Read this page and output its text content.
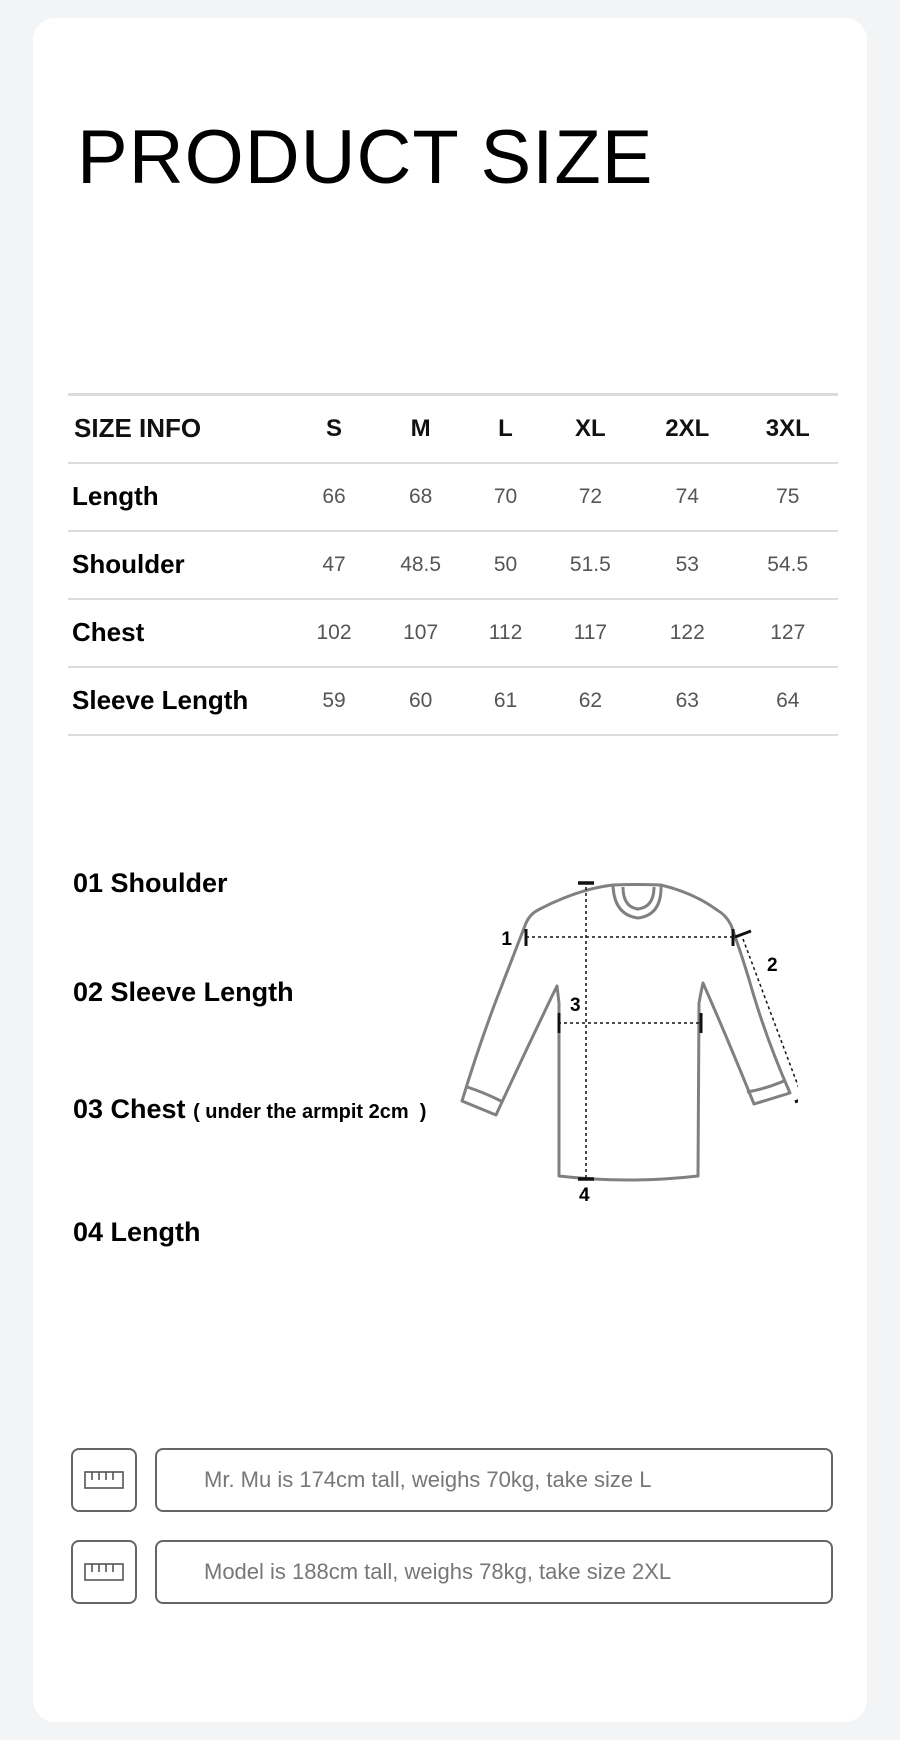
PRODUCT SIZE
SIZE INFO	S	M	L	XL	2XL	3XL
Length	66	68	70	72	74	75
Shoulder	47	48.5	50	51.5	53	54.5
Chest	102	107	112	117	122	127
Sleeve Length	59	60	61	62	63	64
01 Shoulder
02 Sleeve Length
03 Chest ( under the armpit 2cm  )
04 Length
1
2
3
4
Mr. Mu is 174cm tall, weighs 70kg, take size L
Model is 188cm tall, weighs 78kg, take size 2XL
